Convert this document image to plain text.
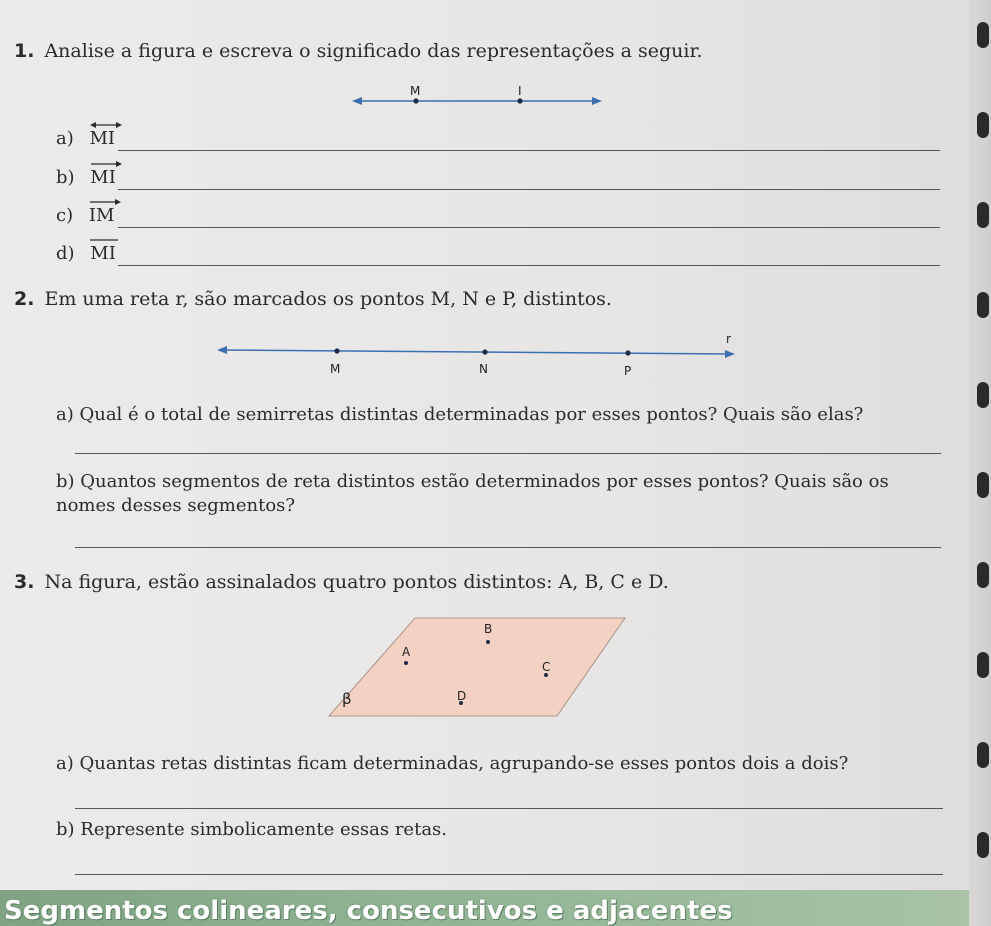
1. Analise a figura e escreva o significado das representações a seguir.
M	I
a) MI
b) MI
c) IM
d) MI
2. Em uma reta r, são marcados os pontos M, N e P, distintos.
r
M	N	P
a) Qual é o total de semirretas distintas determinadas por esses pontos? Quais são elas?
b) Quantos segmentos de reta distintos estão determinados por esses pontos? Quais são os nomes desses segmentos?
3. Na figura, estão assinalados quatro pontos distintos: A, B, C e D.
B
A
C
D
β
a) Quantas retas distintas ficam determinadas, agrupando-se esses pontos dois a dois?
b) Represente simbolicamente essas retas.
Segmentos colineares, consecutivos e adjacentes
